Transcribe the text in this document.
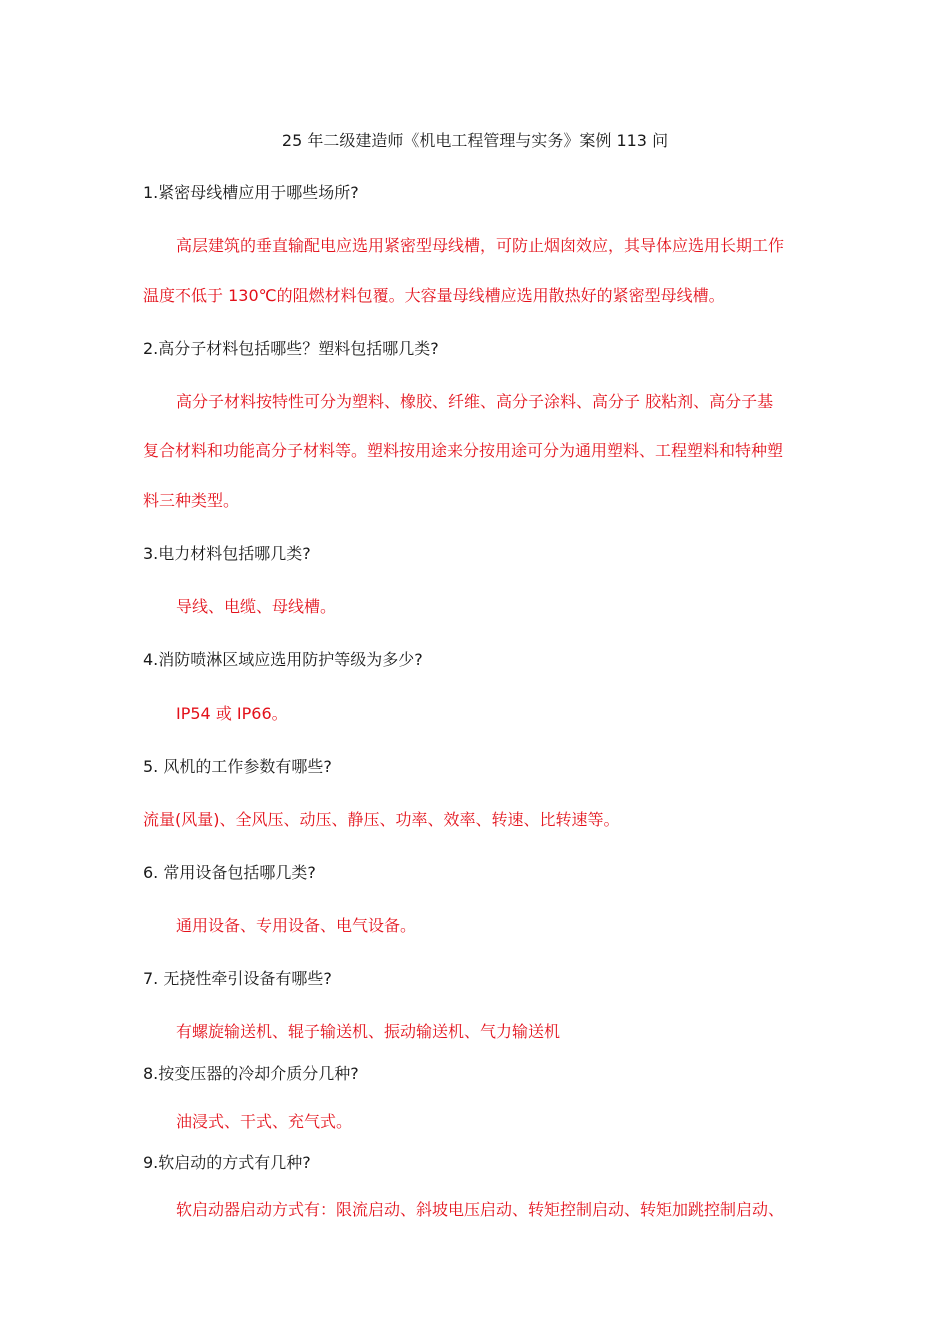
25 年二级建造师《机电工程管理与实务》案例 113 问
1.紧密母线槽应用于哪些场所?
高层建筑的垂直输配电应选用紧密型母线槽，可防止烟囱效应，其导体应选用长期工作
温度不低于 130℃的阻燃材料包覆。大容量母线槽应选用散热好的紧密型母线槽。
2.高分子材料包括哪些？塑料包括哪几类?
高分子材料按特性可分为塑料、橡胶、纤维、高分子涂料、高分子 胶粘剂、高分子基
复合材料和功能高分子材料等。塑料按用途来分按用途可分为通用塑料、工程塑料和特种塑
料三种类型。
3.电力材料包括哪几类?
导线、电缆、母线槽。
4.消防喷淋区域应选用防护等级为多少?
IP54 或 IP66。
5. 风机的工作参数有哪些?
流量(风量)、全风压、动压、静压、功率、效率、转速、比转速等。
6. 常用设备包括哪几类?
通用设备、专用设备、电气设备。
7. 无挠性牵引设备有哪些?
有螺旋输送机、辊子输送机、振动输送机、气力输送机
8.按变压器的冷却介质分几种?
油浸式、干式、充气式。
9.软启动的方式有几种?
软启动器启动方式有：限流启动、斜坡电压启动、转矩控制启动、转矩加跳控制启动、
